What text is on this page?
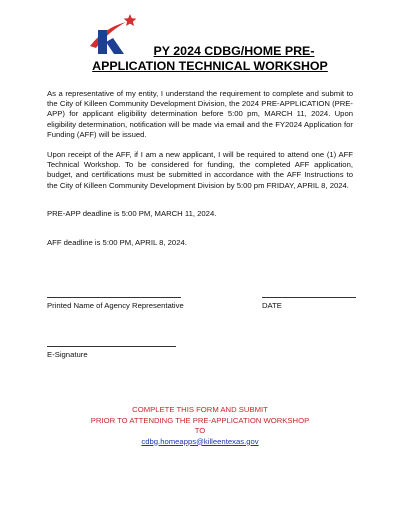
PY 2024 CDBG/HOME PRE-
APPLICATION TECHNICAL WORKSHOP

As a representative of my entity, I understand the requirement to complete and submit to the City of Killeen Community Development Division, the 2024 PRE-APPLICATION (PRE-APP) for applicant eligibility determination before 5:00 pm, MARCH 11, 2024. Upon eligibility determination, notification will be made via email and the FY2024 Application for Funding (AFF) will be issued.

Upon receipt of the AFF, if I am a new applicant, I will be required to attend one (1) AFF Technical Workshop. To be considered for funding, the completed AFF application, budget, and certifications must be submitted in accordance with the AFF Instructions to the City of Killeen Community Development Division by 5:00 pm FRIDAY, APRIL 8, 2024.

PRE-APP deadline is 5:00 PM, MARCH 11, 2024.

AFF deadline is 5:00 PM, APRIL 8, 2024.

Printed Name of Agency Representative	DATE
E-Signature
COMPLETE THIS FORM AND SUBMIT
PRIOR TO ATTENDING THE PRE-APPLICATION WORKSHOP
TO
cdbg.homeapps@killeentexas.gov
